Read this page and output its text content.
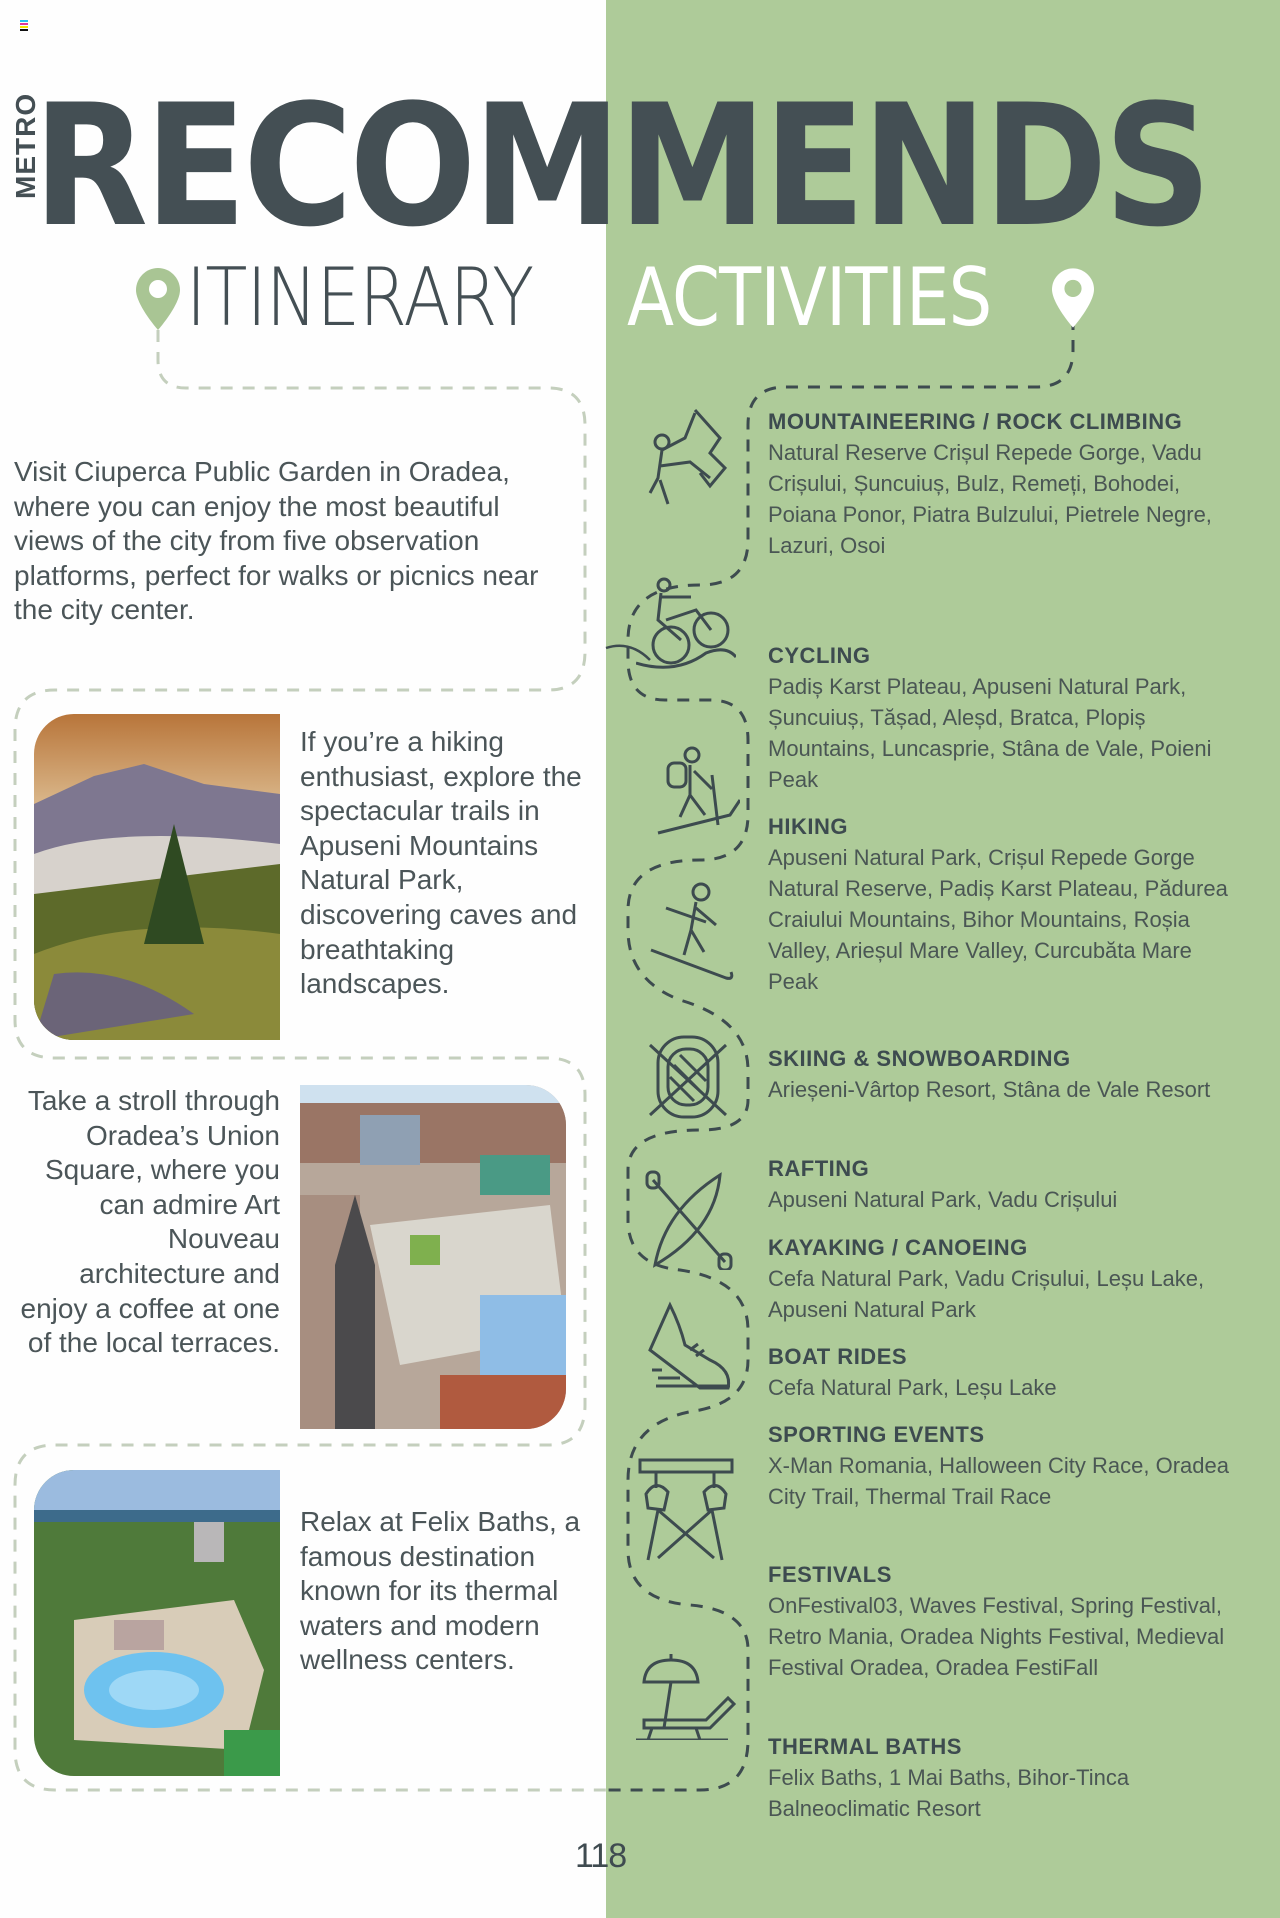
METRO
RECOMMENDS
ITINERARY ACTIVITIES
Visit Ciuperca Public Garden in Oradea, where you can enjoy the most beautiful views of the city from five observation platforms, perfect for walks or picnics near the city center.
If you’re a hiking enthusiast, explore the spectacular trails in Apuseni Mountains Natural Park, discovering caves and breathtaking landscapes.
Take a stroll through Oradea’s Union Square, where you can admire Art Nouveau architecture and enjoy a coffee at one of the local terraces.
Relax at Felix Baths, a famous destination known for its thermal waters and modern wellness centers.
MOUNTAINEERING / ROCK CLIMBING
Natural Reserve Crișul Repede Gorge, Vadu Crișului, Șuncuiuș, Bulz, Remeți, Bohodei, Poiana Ponor, Piatra Bulzului, Pietrele Negre, Lazuri, Osoi
CYCLING
Padiș Karst Plateau, Apuseni Natural Park, Șuncuiuș, Tășad, Aleșd, Bratca, Plopiș Mountains, Luncasprie, Stâna de Vale, Poieni Peak
HIKING
Apuseni Natural Park, Crișul Repede Gorge Natural Reserve, Padiș Karst Plateau, Pădurea Craiului Mountains, Bihor Mountains, Roșia Valley, Arieșul Mare Valley, Curcubăta Mare Peak
SKIING & SNOWBOARDING
Arieșeni-Vârtop Resort, Stâna de Vale Resort
RAFTING
Apuseni Natural Park, Vadu Crișului
KAYAKING / CANOEING
Cefa Natural Park, Vadu Crișului, Leșu Lake, Apuseni Natural Park
BOAT RIDES
Cefa Natural Park, Leșu Lake
SPORTING EVENTS
X-Man Romania, Halloween City Race, Oradea City Trail, Thermal Trail Race
FESTIVALS
OnFestival03, Waves Festival, Spring Festival, Retro Mania, Oradea Nights Festival, Medieval Festival Oradea, Oradea FestiFall
THERMAL BATHS
Felix Baths, 1 Mai Baths, Bihor-Tinca Balneoclimatic Resort
118
